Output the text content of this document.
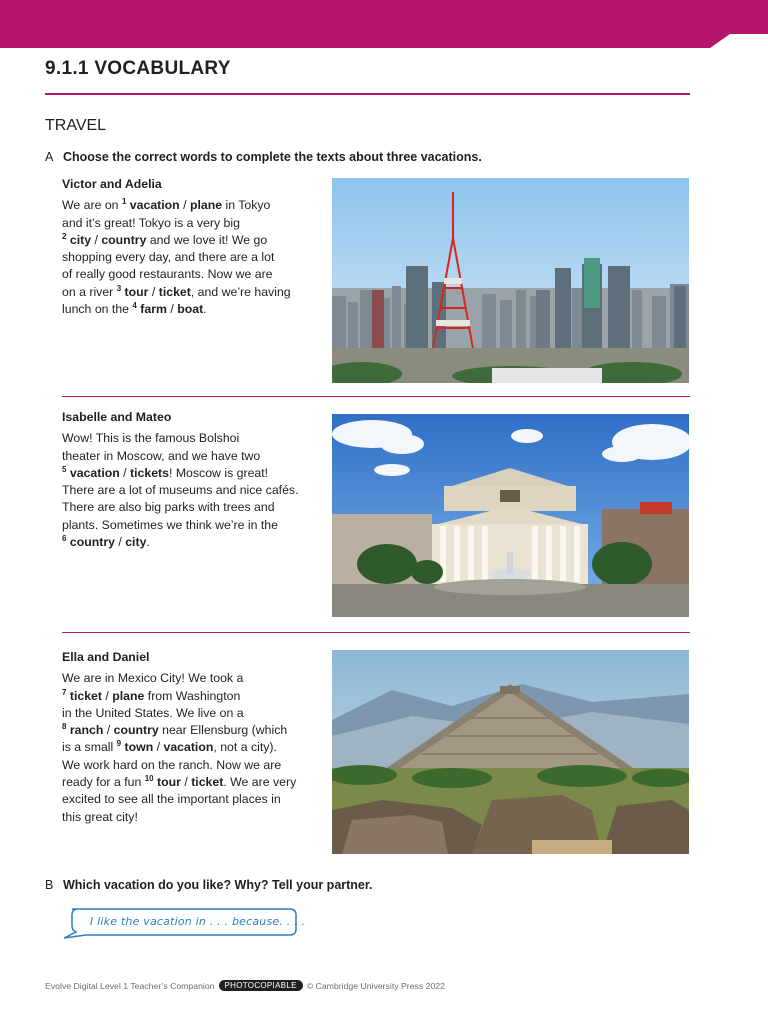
9.1.1 VOCABULARY
TRAVEL
A Choose the correct words to complete the texts about three vacations.
Victor and Adelia
We are on $^1$ vacation / plane in Tokyo
and it’s great! Tokyo is a very big
$^2$ city / country and we love it! We go
shopping every day, and there are a lot
of really good restaurants. Now we are
on a river $^3$ tour / ticket, and we’re having
lunch on the $^4$ farm / boat.
Isabelle and Mateo
Wow! This is the famous Bolshoi
theater in Moscow, and we have two
$^5$ vacation / tickets! Moscow is great!
There are a lot of museums and nice cafés.
There are also big parks with trees and
plants. Sometimes we think we’re in the
$^6$ country / city.
Ella and Daniel
We are in Mexico City! We took a
$^7$ ticket / plane from Washington
in the United States. We live on a
$^8$ ranch / country near Ellensburg (which
is a small $^9$ town / vacation, not a city).
We work hard on the ranch. Now we are
ready for a fun $^{10}$ tour / ticket. We are very
excited to see all the important places in
this great city!
B Which vacation do you like? Why? Tell your partner.
I like the vacation in . . . because. . . .
Evolve Digital Level 1 Teacher’s Companion	PHOTOCOPIABLE	© Cambridge University Press 2022
